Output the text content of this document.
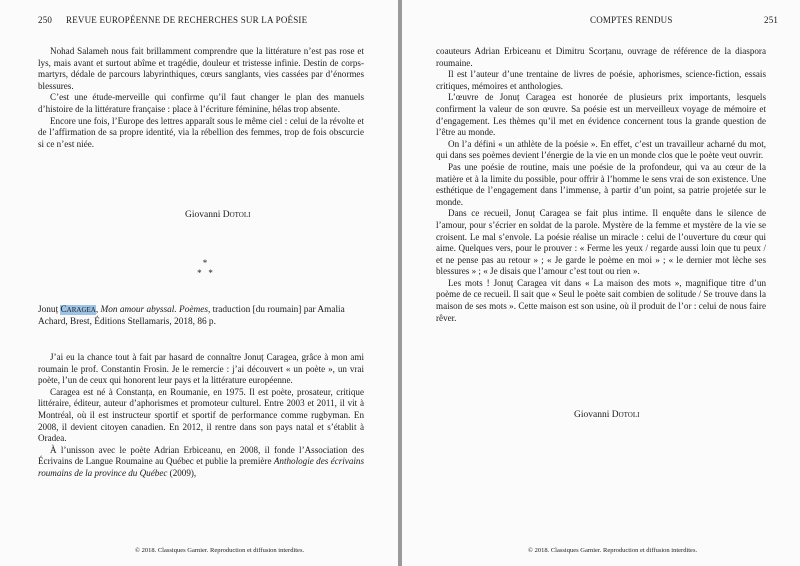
250 REVUE EUROPÉENNE DE RECHERCHES SUR LA POÉSIE

Nohad Salameh nous fait brillamment comprendre que la littérature n’est pas rose et lys, mais avant et surtout abîme et tragédie, douleur et tristesse infinie. Destin de corps-martyrs, dédale de parcours labyrinthiques, cœurs sanglants, vies cassées par d’énormes blessures.

C’est une étude-merveille qui confirme qu’il faut changer le plan des manuels d’histoire de la littérature française : place à l’écriture féminine, hélas trop absente.

Encore une fois, l’Europe des lettres apparaît sous le même ciel : celui de la révolte et de l’affirmation de sa propre identité, via la rébellion des femmes, trop de fois obscurcie si ce n’est niée.

Giovanni Dotoli
*
*   *
Jonuț Caragea, Mon amour abyssal. Poèmes, traduction [du roumain] par Amalia Achard, Brest, Éditions Stellamaris, 2018, 86 p.

J’ai eu la chance tout à fait par hasard de connaître Jonuț Caragea, grâce à mon ami roumain le prof. Constantin Frosin. Je le remercie : j’ai découvert « un poète », un vrai poète, l’un de ceux qui honorent leur pays et la littérature européenne.

Caragea est né à Constanța, en Roumanie, en 1975. Il est poète, prosateur, critique littéraire, éditeur, auteur d’aphorismes et promoteur culturel. Entre 2003 et 2011, il vit à Montréal, où il est instructeur sportif et sportif de performance comme rugbyman. En 2008, il devient citoyen canadien. En 2012, il rentre dans son pays natal et s’établit à Oradea.

À l’unisson avec le poète Adrian Erbiceanu, en 2008, il fonde l’Association des Écrivains de Langue Roumaine au Québec et publie la première Anthologie des écrivains roumains de la province du Québec (2009),

© 2018. Classiques Garnier. Reproduction et diffusion interdites.
COMPTES RENDUS	251

coauteurs Adrian Erbiceanu et Dimitru Scorțanu, ouvrage de référence de la diaspora roumaine.

Il est l’auteur d’une trentaine de livres de poésie, aphorismes, science-fiction, essais critiques, mémoires et anthologies.

L’œuvre de Jonuț Caragea est honorée de plusieurs prix importants, lesquels confirment la valeur de son œuvre. Sa poésie est un merveilleux voyage de mémoire et d’engagement. Les thèmes qu’il met en évidence concernent tous la grande question de l’être au monde.

On l’a défini « un athlète de la poésie ». En effet, c’est un travailleur acharné du mot, qui dans ses poèmes devient l’énergie de la vie en un monde clos que le poète veut ouvrir.

Pas une poésie de routine, mais une poésie de la profondeur, qui va au cœur de la matière et à la limite du possible, pour offrir à l’homme le sens vrai de son existence. Une esthétique de l’engagement dans l’immense, à partir d’un point, sa patrie projetée sur le monde.

Dans ce recueil, Jonuț Caragea se fait plus intime. Il enquête dans le silence de l’amour, pour s’écrier en soldat de la parole. Mystère de la femme et mystère de la vie se croisent. Le mal s’envole. La poésie réalise un miracle : celui de l’ouverture du cœur qui aime. Quelques vers, pour le prouver : « Ferme les yeux / regarde aussi loin que tu peux / et ne pense pas au retour » ; « Je garde le poème en moi » ; « le dernier mot lèche ses blessures » ; « Je disais que l’amour c’est tout ou rien ».

Les mots ! Jonuț Caragea vit dans « La maison des mots », magnifique titre d’un poème de ce recueil. Il sait que « Seul le poète sait combien de solitude / Se trouve dans la maison de ses mots ». Cette maison est son usine, où il produit de l’or : celui de nous faire rêver.

Giovanni Dotoli
© 2018. Classiques Garnier. Reproduction et diffusion interdites.
